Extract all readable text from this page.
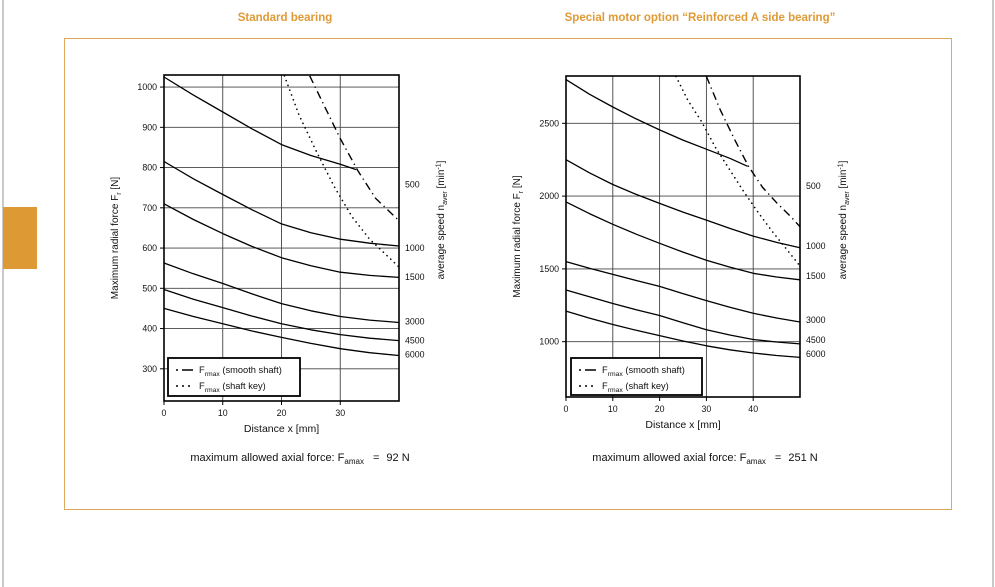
Standard bearing	Special motor option “Reinforced A side bearing”
300
400
500
600
700
800
900
1000
0	10	20	30
500
1000
1500
3000
4500
6000
$F_{rmax}$ (smooth shaft)
$F_{rmax}$ (shaft key)
Distance x [mm]
Maximum radial force $F_r$ [N]
average speed $n_{aver}$ $[\min^{-1}]$
1000
1500
2000
2500
0	10	20	30	40
500
1000
1500
3000
4500
6000
$F_{rmax}$ (smooth shaft)
$F_{rmax}$ (shaft key)
Distance x [mm]
Maximum radial force $F_r$ [N]
average speed $n_{aver}$ $[\min^{-1}]$
maximum allowed axial force: $F_{amax} = 92$ N	maximum allowed axial force: $F_{amax} = 251$ N
